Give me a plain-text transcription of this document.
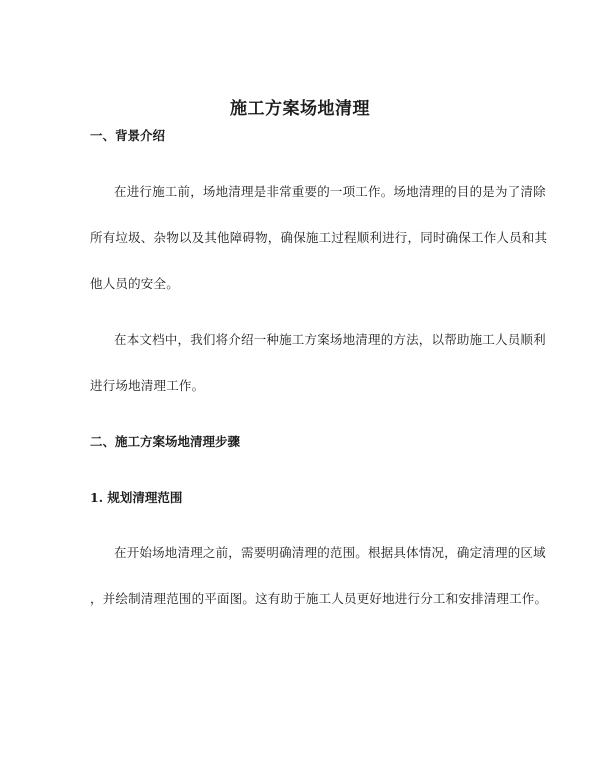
施工方案场地清理
一、背景介绍
在进行施工前，场地清理是非常重要的一项工作。场地清理的目的是为了清除
所有垃圾、杂物以及其他障碍物，确保施工过程顺利进行，同时确保工作人员和其
他人员的安全。
在本文档中，我们将介绍一种施工方案场地清理的方法，以帮助施工人员顺利
进行场地清理工作。
二、施工方案场地清理步骤
1. 规划清理范围
在开始场地清理之前，需要明确清理的范围。根据具体情况，确定清理的区域
，并绘制清理范围的平面图。这有助于施工人员更好地进行分工和安排清理工作。
